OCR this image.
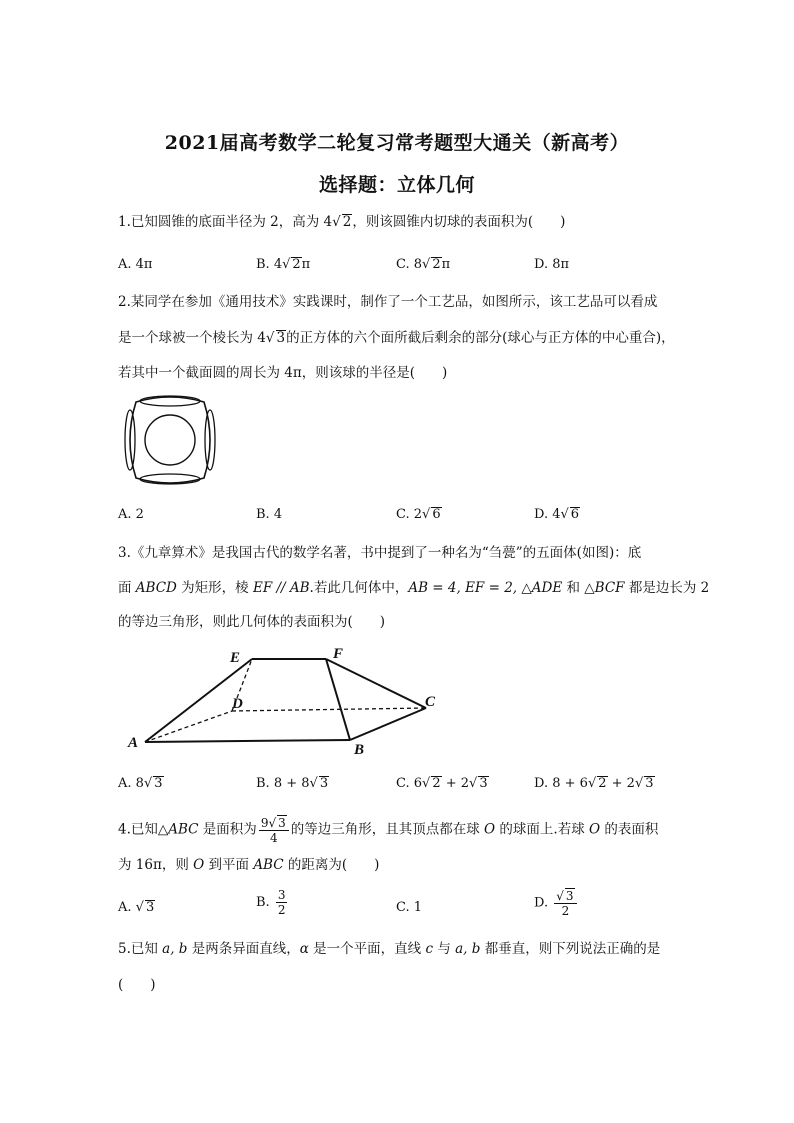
2021届高考数学二轮复习常考题型大通关（新高考）
选择题：立体几何
1.已知圆锥的底面半径为 2，高为 4√ 2，则该圆锥内切球的表面积为(　　)
A. 4π	B. 4√ 2π	C. 8√ 2π	D. 8π
2.某同学在参加《通用技术》实践课时，制作了一个工艺品，如图所示，该工艺品可以看成
是一个球被一个棱长为 4√ 3的正方体的六个面所截后剩余的部分(球心与正方体的中心重合)，
若其中一个截面圆的周长为 4π，则该球的半径是(　　)
A. 2	B. 4	C. 2√ 6	D. 4√ 6
3.《九章算术》是我国古代的数学名著，书中提到了一种名为“刍甍”的五面体(如图)：底
面 ABCD 为矩形，棱 EF // AB.若此几何体中，AB = 4, EF = 2, △ADE 和 △BCF 都是边长为 2
的等边三角形，则此几何体的表面积为(　　)
E	F
D	C
A	B
A. 8√ 3	B. 8 + 8√ 3	C. 6√ 2 + 2√ 3	D. 8 + 6√ 2 + 2√ 3
4.已知△ABC 是面积为 $\frac{9√ 3}{4}$ 的等边三角形，且其顶点都在球 O 的球面上.若球 O 的表面积
为 16π，则 O 到平面 ABC 的距离为(　　)
A. √ 3	B. $\frac{3}{2}$	C. 1	D. $\frac{√ 3}{2}$
5.已知 a, b 是两条异面直线，α 是一个平面，直线 c 与 a, b 都垂直，则下列说法正确的是
(　　)
